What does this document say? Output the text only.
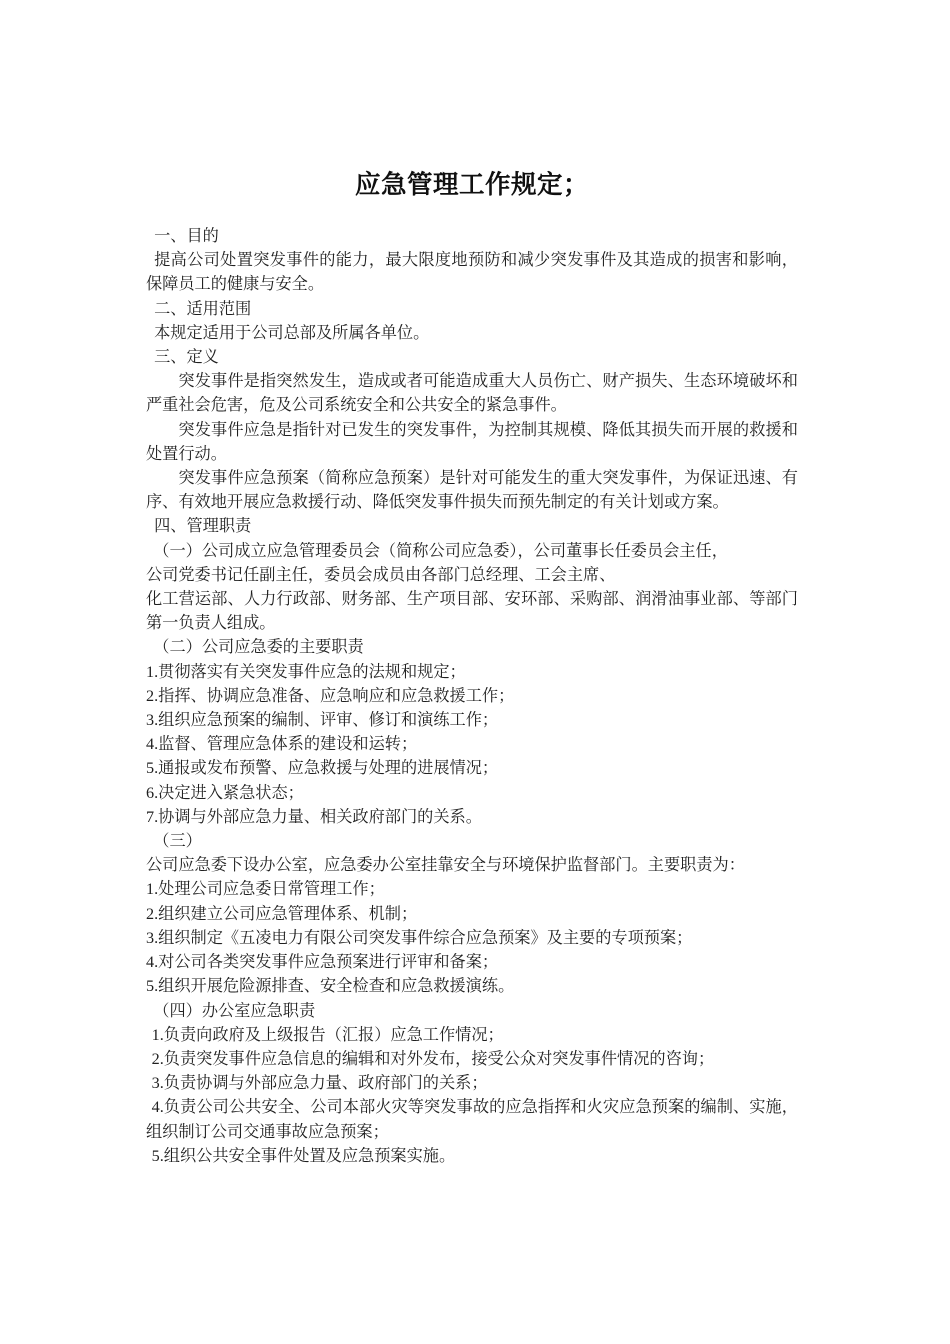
应急管理工作规定；

一、目的

提高公司处置突发事件的能力，最大限度地预防和减少突发事件及其造成的损害和影响，保障员工的健康与安全。

二、适用范围

本规定适用于公司总部及所属各单位。

三、定义

突发事件是指突然发生，造成或者可能造成重大人员伤亡、财产损失、生态环境破坏和严重社会危害，危及公司系统安全和公共安全的紧急事件。

突发事件应急是指针对已发生的突发事件，为控制其规模、降低其损失而开展的救援和处置行动。

突发事件应急预案（简称应急预案）是针对可能发生的重大突发事件，为保证迅速、有序、有效地开展应急救援行动、降低突发事件损失而预先制定的有关计划或方案。

四、管理职责

（一）公司成立应急管理委员会（简称公司应急委），公司董事长任委员会主任，

公司党委书记任副主任，委员会成员由各部门总经理、工会主席、

化工营运部、人力行政部、财务部、生产项目部、安环部、采购部、润滑油事业部、等部门第一负责人组成。

（二）公司应急委的主要职责

1.贯彻落实有关突发事件应急的法规和规定；

2.指挥、协调应急准备、应急响应和应急救援工作；

3.组织应急预案的编制、评审、修订和演练工作；

4.监督、管理应急体系的建设和运转；

5.通报或发布预警、应急救援与处理的进展情况；

6.决定进入紧急状态；

7.协调与外部应急力量、相关政府部门的关系。

（三）

公司应急委下设办公室，应急委办公室挂靠安全与环境保护监督部门。主要职责为：

1.处理公司应急委日常管理工作；

2.组织建立公司应急管理体系、机制；

3.组织制定《五凌电力有限公司突发事件综合应急预案》及主要的专项预案；

4.对公司各类突发事件应急预案进行评审和备案；

5.组织开展危险源排查、安全检查和应急救援演练。

（四）办公室应急职责

1.负责向政府及上级报告（汇报）应急工作情况；

2.负责突发事件应急信息的编辑和对外发布，接受公众对突发事件情况的咨询；

3.负责协调与外部应急力量、政府部门的关系；

4.负责公司公共安全、公司本部火灾等突发事故的应急指挥和火灾应急预案的编制、实施，组织制订公司交通事故应急预案；

5.组织公共安全事件处置及应急预案实施。
